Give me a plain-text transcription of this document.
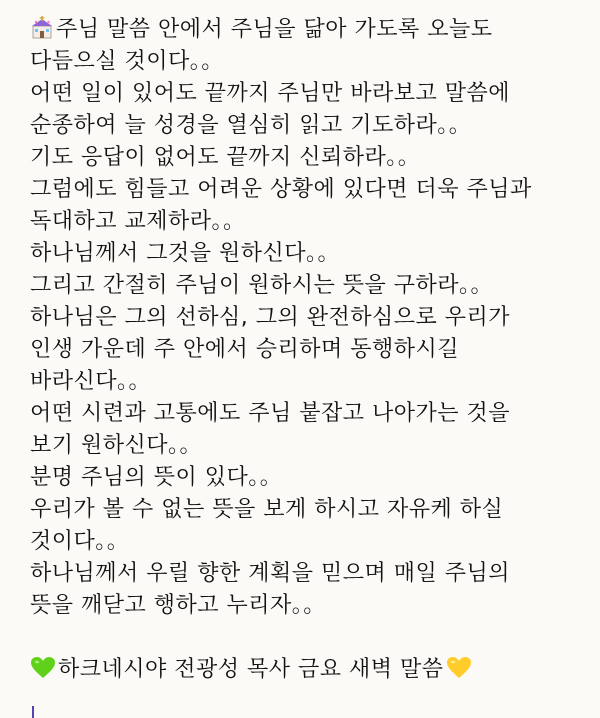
주님 말씀 안에서 주님을 닮아 가도록 오늘도
다듬으실 것이다。。
어떤 일이 있어도 끝까지 주님만 바라보고 말씀에
순종하여 늘 성경을 열심히 읽고 기도하라。。
기도 응답이 없어도 끝까지 신뢰하라。。
그럼에도 힘들고 어려운 상황에 있다면 더욱 주님과
독대하고 교제하라。。
하나님께서 그것을 원하신다。。
그리고 간절히 주님이 원하시는 뜻을 구하라。。
하나님은 그의 선하심, 그의 완전하심으로 우리가
인생 가운데 주 안에서 승리하며 동행하시길
바라신다。。
어떤 시련과 고통에도 주님 붙잡고 나아가는 것을
보기 원하신다。。
분명 주님의 뜻이 있다。。
우리가 볼 수 없는 뜻을 보게 하시고 자유케 하실
것이다。。
하나님께서 우릴 향한 계획을 믿으며 매일 주님의
뜻을 깨닫고 행하고 누리자。。
하크네시야 전광성 목사 금요 새벽 말씀
